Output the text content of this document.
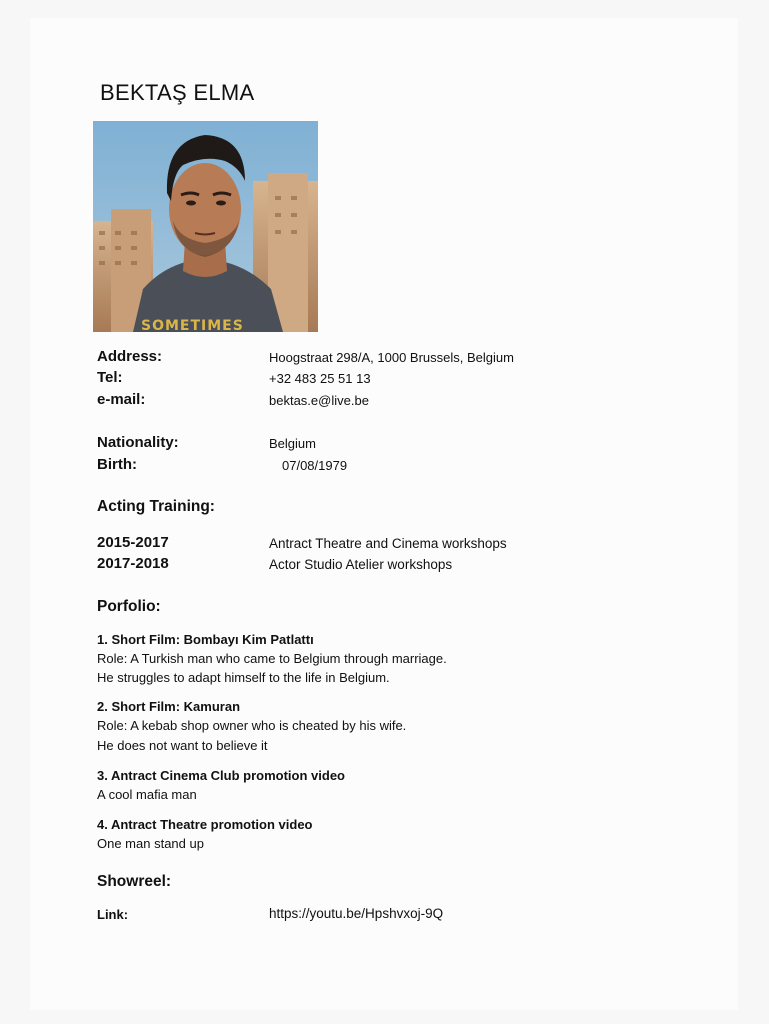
BEKTAŞ ELMA
SOMETIMES
Address:	Hoogstraat 298/A, 1000 Brussels, Belgium
Tel:	+32 483 25 51 13
e-mail:	bektas.e@live.be
Nationality:	Belgium
Birth:	07/08/1979
Acting Training:
2015-2017	Antract Theatre and Cinema workshops
2017-2018	Actor Studio Atelier workshops
Porfolio:
1. Short Film: Bombayı Kim Patlattı
Role: A Turkish man who came to Belgium through marriage.
He struggles to adapt himself to the life in Belgium.
2. Short Film: Kamuran
Role: A kebab shop owner who is cheated by his wife.
He does not want to believe it
3. Antract Cinema Club promotion video
A cool mafia man
4. Antract Theatre promotion video
One man stand up
Showreel:
Link:	https://youtu.be/Hpshvxoj-9Q
